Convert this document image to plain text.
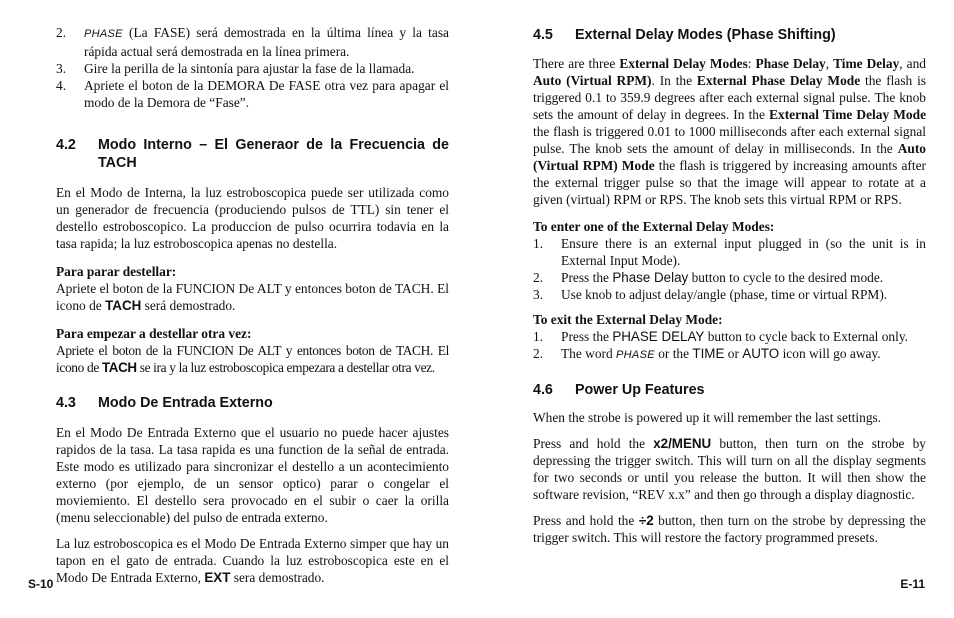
2. PHASE (La FASE) será demostrada en la última línea y la tasa rápida actual será demostrada en la línea primera.
3. Gire la perilla de la sintonía para ajustar la fase de la llamada.
4. Apriete el boton de la DEMORA De FASE otra vez para apagar el modo de la Demora de “Fase”.
4.2 Modo Interno – El Generaor de la Frecuencia de TACH

En el Modo de Interna, la luz estroboscopica puede ser utilizada como un generador de frecuencia (produciendo pulsos de TTL) sin tener el destello estroboscopico. La produccion de pulso ocurrira todavia en la tasa rapida; la luz estroboscopica apenas no destella.

Para parar destellar:

Apriete el boton de la FUNCION De ALT y entonces boton de TACH. El icono de TACH será demostrado.

Para empezar a destellar otra vez:

Apriete el boton de la FUNCION De ALT y entonces boton de TACH. El icono de TACH se ira y la luz estroboscopica empezara a destellar otra vez.

4.3 Modo De Entrada Externo

En el Modo De Entrada Externo que el usuario no puede hacer ajustes rapidos de la tasa. La tasa rapida es una function de la señal de entrada. Este modo es utilizado para sincronizar el destello a un acontecimiento externo (por ejemplo, de un sensor optico) parar o congelar el moviemiento. El destello sera provocado en el subir o caer la orilla (menu seleccionable) del pulso de entrada externo.

La luz estroboscopica es el Modo De Entrada Externo simper que hay un tapon en el gato de entrada. Cuando la luz estroboscopica este en el Modo De Entrada Externo, EXT sera demostrado.

4.5 External Delay Modes (Phase Shifting)

There are three External Delay Modes: Phase Delay, Time Delay, and Auto (Virtual RPM). In the External Phase Delay Mode the flash is triggered 0.1 to 359.9 degrees after each external signal pulse. The knob sets the amount of delay in degrees. In the External Time Delay Mode the flash is triggered 0.01 to 1000 milliseconds after each external signal pulse. The knob sets the amount of delay in milliseconds. In the Auto (Virtual RPM) Mode the flash is triggered by increasing amounts after the external trigger pulse so that the image will appear to rotate at a given (virtual) RPM or RPS. The knob sets this virtual RPM or RPS.

To enter one of the External Delay Modes:
1. Ensure there is an external input plugged in (so the unit is in External Input Mode).
2. Press the Phase Delay button to cycle to the desired mode.
3. Use knob to adjust delay/angle (phase, time or virtual RPM).
To exit the External Delay Mode:
1. Press the PHASE DELAY button to cycle back to External only.
2. The word PHASE or the TIME or AUTO icon will go away.
4.6 Power Up Features

When the strobe is powered up it will remember the last settings.

Press and hold the x2/MENU button, then turn on the strobe by depressing the trigger switch. This will turn on all the display segments for two seconds or until you release the button. It will then show the software revision, “REV x.x” and then go through a display diagnostic.

Press and hold the ÷2 button, then turn on the strobe by depressing the trigger switch. This will restore the factory programmed presets.

S-10	E-11
